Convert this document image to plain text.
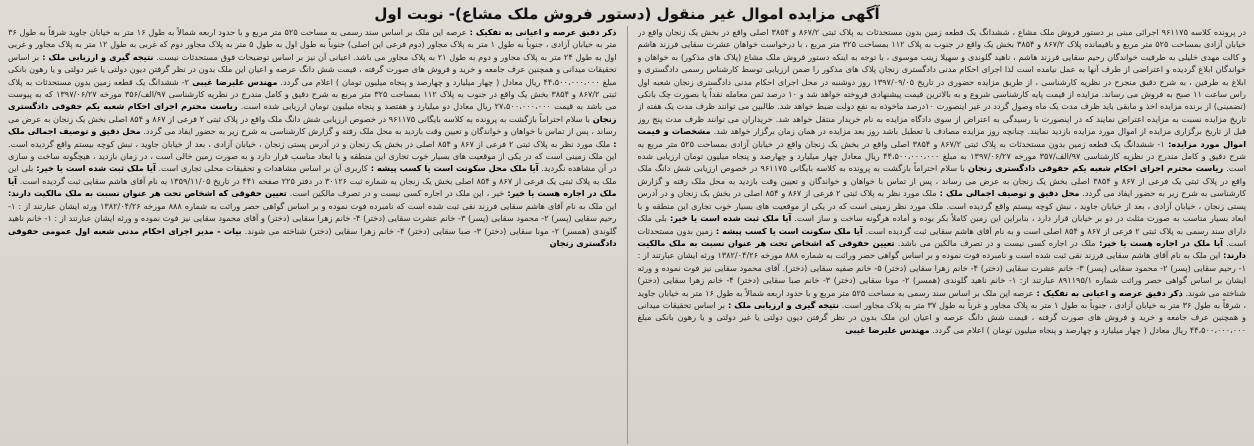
آگهی مزایده اموال غیر منقول (دستور فروش ملک مشاع)- نوبت اول

در پرونده کلاسه ۹۶۱۱۷۵ اجرائی مبنی بر دستور فروش ملک مشاع ، ششدانگ یک قطعه زمین بدون مستحدثات به پلاک ثبتی ۸۶۷/۲ و ۳۸۵۴ اصلی واقع در بخش یک زنجان واقع در خیابان آزادی بمساحت ۵۲۵ متر مربع و باقیمانده پلاک ۸۶۷/۲ و ۳۸۵۴ بخش یک واقع در جنوب به پلاک ۱۱۲ بمساحت ۳۲۵ متر مربع ، با درخواست خواهان عشرت سقایی فرزند هاشم و کالت مهدی خلیلی به طرفیت خواندگان رحیم سقایی فرزند هاشم ، ناهید گلوندی و سهیلا زینب موسوی ، با توجه به اینکه دستور فروش ملک مشاع (پلاک های مذکور) به خواهان و خواندگان ابلاغ گردیده و اعتراضی از طرف آنها به عمل نیامده است لذا اجرای احکام مدنی دادگستری زنجان پلاک های مذکور را ضمن ارزیابی توسط کارشناس رسمی دادگستری و ابلاغ به طرفین ، به شرح دقیق منجرح در نظریه کارشناسی ، از طریق مزایده حضوری در تاریخ ۱۳۹۷/۰۹/۰۵ روز دوشنبه در محل اجرای احکام مدنی دادگستری زنجان شعبه اول راس ساعت ۱۱ صبح به فروش می رساند. مزایده از قیمت پایه کارشناسی شروع و به بالاترین قیمت پیشنهادی فروخته خواهد شد و ۱۰ درصد ثمن معامله نقداً یا بصورت چک بانکی (تضمینی) از برنده مزایده اخذ و مابقی باید ظرف مدت یک ماه وصول گردد در غیر اینصورت ۱۰درصد ماخوذه به نفع دولت ضبط خواهد شد. طالبین می توانند ظرف مدت یک هفته از تاریخ مزایده نسبت به مزایده اعتراض نمایند که در اینصورت با رسیدگی به اعتراض از سوی دادگاه مزایده به نام خریدار منتقل خواهد شد. خریداران می توانند ظرف مدت پنج روز قبل از تاریخ برگزاری مزایده از اموال مورد مزایده بازدید نمایند. چنانچه روز مزایده مصادف با تعطیل باشد روز بعد مزایده در همان زمان برگزار خواهد شد. مشخصات و قیمت اموال مورد مزایده: ۱- ششدانگ یک قطعه زمین بدون مستحدثات به پلاک ثبتی ۸۶۷/۲ و ۳۸۵۴ اصلی واقع در بخش یک زنجان واقع در خیابان آزادی بمساحت ۵۲۵ متر مربع به شرح دقیق و کامل مندرج در نظریه کارشناسی ۹۷/الف/۳۵۷ مورخه ۱۳۹۷/۰۶/۲۷ به مبلغ ۴۴،۵۰۰،۰۰۰،۰۰۰ ریال معادل چهار میلیارد و چهارصد و پنجاه میلیون تومان ارزیابی شده است. ریاست محترم اجرای احکام شعبه یکم حقوقی دادگستری زنجان با سلام احتراماً بازگشت به پرونده به کلاسه بایگانی ۹۶۱۱۷۵ در خصوص ارزیابی شش دانگ ملک واقع در پلاک ثبتی یک فرعی از ۸۶۷ و ۳۸۵۴ اصلی بخش یک زنجان به عرض می رساند ، پس از تماس با خواهان و خواندگان و تعیین وقت بازدید به محل ملک رفته و گزارش کارشناسی به شرح زیر به حضور ایفاد می گردد. محل دقیق و توصیف اجمالی ملک : ملک مورد نظر به پلاک ثبتی ۲ فرعی از ۸۶۷ و ۸۵۴ اصلی در بخش یک زنجان و در آدرس پستی زنجان ، خیابان آزادی ، بعد از خیابان جاوید ، نبش کوچه بیستم واقع گردیده است. ملک مورد نظر زمینی است که در یکی از موقعیت های بسیار خوب تجاری این منطقه و با ابعاد بسیار مناسب به صورت مثلث در دو بر خیابان قرار دارد ، بنابراین این زمین کاملاً بکر بوده و آماده هرگونه ساخت و ساز است. آیا ملک ثبت شده است یا خیر: بلی ملک دارای سند رسمی به پلاک ثبتی ۲ فرعی از ۸۶۷ و ۸۵۴ اصلی است و به نام آقای هاشم سقایی ثبت گردیده است. آیا ملک سکونت است یا کسب پیشه : زمین بدون مستحدثات است. آیا ملک در اجاره هست یا خیر: ملک در اجاره کسی نیست و در تصرف مالکین می باشد. تعیین حقوقی که اشخاص تحت هر عنوان نسبت به ملک مالکیت دارند: این ملک به نام آقای هاشم سقایی فرزند نقی ثبت شده است و نامبرده فوت نموده و بر اساس گواهی حصر وراثت به شماره ۸۸۸ مورخه ۱۳۸۲/۰۴/۲۶ ورثه ایشان عبارتند از : ۱- رحیم سقایی (پسر) ۲- محمود سقایی (پسر) ۳- خانم عشرت سقایی (دختر) ۴- خانم زهرا سقایی (دختر) ۵- خانم صفیه سقایی (دختر). آقای محمود سقایی نیز فوت نموده و ورثه ایشان بر اساس گواهی حصر وراثت شماره ۸۹۱۱۹۵/۱ عبارتند از: ۱- خانم ناهید گلوندی (همسر) ۲- مونا سقایی (دختر) ۳- خانم صبا سقایی (دختر) ۴- خانم زهرا سقایی (دختر) شناخته می شوند. ذکر دقیق عرصه و اعیانی به تفکیک : عرصه این ملک بر اساس سند رسمی به مساحت ۵۲۵ متر مربع و با حدود اربعه شمالاً به طول ۱۶ متر به خیابان جاوید ، شرقاً به طول ۳۶ متر به خیابان آزادی ، جنوباً به طول ۱ متر به پلاک مجاور و غرباً به طول ۳۷ متر به پلاک مجاور است. نتیجه گیری و ارزیابی ملک : بر اساس تحقیقات میدانی و همچنین عرف جامعه و خرید و فروش های صورت گرفته ، قیمت شش دانگ عرصه و اعیان این ملک بدون در نظر گرفتن دیون دولتی یا غیر دولتی و یا رهون بانکی مبلغ ۴۴،۵۰۰،۰۰۰،۰۰۰ ریال معادل ( چهار میلیارد و چهارصد و پنجاه میلیون تومان ) اعلام می گردد. مهندس علیرضا غیبی

ذکر دقیق عرصه و اعیانی به تفکیک : عرصه این ملک بر اساس سند رسمی به مساحت ۵۲۵ متر مربع و با حدود اربعه شمالاً به طول ۱۶ متر به خیابان جاوید شرقاً به طول ۳۶ متر به خیابان آزادی ، جنوباً به طول ۱ متر به پلاک مجاور (دوم فرعی این اصلی) جنوباً به طول اول به طول ۵ متر به پلاک مجاور دوم که غربی به طول ۱۲ متر به پلاک مجاور و غربی اول به طول ۲۴ متر به پلاک مجاور و دوم به طول ۲۱ به پلاک مجاور می باشد. اعیانی آن نیز بر اساس توضیحات فوق مستحدثات نیست. نتیجه گیری و ارزیابی ملک : بر اساس تحقیقات میدانی و همچنین عرف جامعه و خرید و فروش های صورت گرفته ، قیمت شش دانگ عرصه و اعیان این ملک بدون در نظر گرفتن دیون دولتی یا غیر دولتی و یا رهون بانکی مبلغ ۴۴،۵۰۰،۰۰۰،۰۰۰ ریال معادل ( چهار میلیارد و چهارصد و پنجاه میلیون تومان ) اعلام می گردد. مهندس علیرضا غیبی ۲- ششدانگ یک قطعه زمین بدون مستحدثات به پلاک ثبتی ۸۶۷/۲ و ۳۸۵۴ بخش یک واقع در جنوب به پلاک ۱۱۲ بمساحت ۳۲۵ متر مربع به شرح دقیق و کامل مندرج در نظریه کارشناسی ۹۷/الف/۳۵۶ مورخه ۱۳۹۷/۰۶/۲۷ که به پیوست می باشد به قیمت ۲۷،۵۰۰،۰۰۰،۰۰۰ ریال معادل دو میلیارد و هفتصد و پنجاه میلیون تومان ارزیابی شده است. ریاست محترم اجرای احکام شعبه یکم حقوقی دادگستری زنجان با سلام احتراماً بازگشت به پرونده به کلاسه بایگانی ۹۶۱۱۷۵ در خصوص ارزیابی شش دانگ ملک واقع در پلاک ثبتی ۲ فرعی از ۸۶۷ و ۸۵۴ اصلی بخش یک زنجان به عرض می رساند ، پس از تماس با خواهان و خواندگان و تعیین وقت بازدید به محل ملک رفته و گزارش کارشناسی به شرح زیر به حضور ایفاد می گردد. محل دقیق و توصیف اجمالی ملک : ملک مورد نظر به پلاک ثبتی ۲ فرعی از ۸۶۷ و ۸۵۴ اصلی در بخش یک زنجان و در آدرس پستی زنجان ، خیابان آزادی ، بعد از خیابان جاوید ، نبش کوچه بیستم واقع گردیده است. این ملک زمینی است که در یکی از موقعیت های بسیار خوب تجاری این منطقه و با ابعاد مناسب قرار دارد و به صورت زمین خالی است ، در زمان بازدید ، هیچگونه ساخت و سازی در آن مشاهده نگردید. آیا ملک محل سکونت است یا کسب پیشه : کاربری آن بر اساس مشاهدات و تحقیقات محلی تجاری است. آیا ملک ثبت شده است یا خیر: بلی این ملک به پلاک ثبتی یک فرعی از ۸۶۷ و ۸۵۴ اصلی بخش یک زنجان به شماره ثبت ۳۰۱۲۶ در دفتر ۲۲۵ صفحه ۴۴۱ در تاریخ ۱۳۵۹/۱۱/۰۵ به نام آقای هاشم سقایی ثبت گردیده است. آیا ملک در اجاره هست یا خیر: خیر ، این ملک در اجاره کسی نیست و در تصرف مالکین است. تعیین حقوقی که اشخاص تحت هر عنوان نسبت به ملک مالکیت دارند: این ملک به نام آقای هاشم سقایی فرزند نقی ثبت شده است که نامبرده فوت نموده و بر اساس گواهی حصر وراثت به شماره ۸۸۸ مورخه ۱۳۸۲/۰۴/۲۶ ورثه ایشان عبارتند از : ۱- رحیم سقایی (پسر) ۲- محمود سقایی (پسر) ۳- خانم عشرت سقایی (دختر) ۴- خانم زهرا سقایی (دختر) و آقای محمود سقایی نیز فوت نموده و ورثه ایشان عبارتند از : ۱- خانم ناهید گلوندی (همسر) ۲- مونا سقایی (دختر) ۳- صبا سقایی (دختر) ۴- خانم زهرا سقایی (دختر) شناخته می شوند. بیات - مدیر اجرای احکام مدنی شعبه اول عمومی حقوقی دادگستری زنجان
